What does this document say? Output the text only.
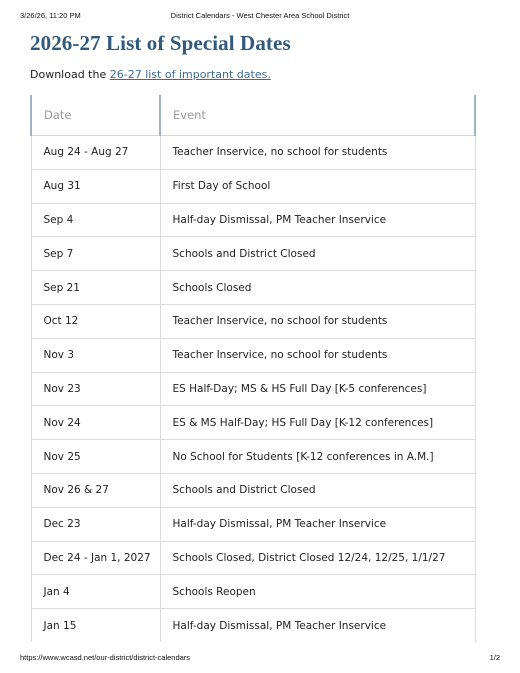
3/26/26, 11:20 PM	District Calendars - West Chester Area School District
2026-27 List of Special Dates
Download the 26-27 list of important dates.
Date	Event
Aug 24 - Aug 27	Teacher Inservice, no school for students
Aug 31	First Day of School
Sep 4	Half-day Dismissal, PM Teacher Inservice
Sep 7	Schools and District Closed
Sep 21	Schools Closed
Oct 12	Teacher Inservice, no school for students
Nov 3	Teacher Inservice, no school for students
Nov 23	ES Half-Day; MS & HS Full Day [K-5 conferences]
Nov 24	ES & MS Half-Day; HS Full Day [K-12 conferences]
Nov 25	No School for Students [K-12 conferences in A.M.]
Nov 26 & 27	Schools and District Closed
Dec 23	Half-day Dismissal, PM Teacher Inservice
Dec 24 - Jan 1, 2027	Schools Closed, District Closed 12/24, 12/25, 1/1/27
Jan 4	Schools Reopen
Jan 15	Half-day Dismissal, PM Teacher Inservice
https://www.wcasd.net/our-district/district-calendars	1/2
